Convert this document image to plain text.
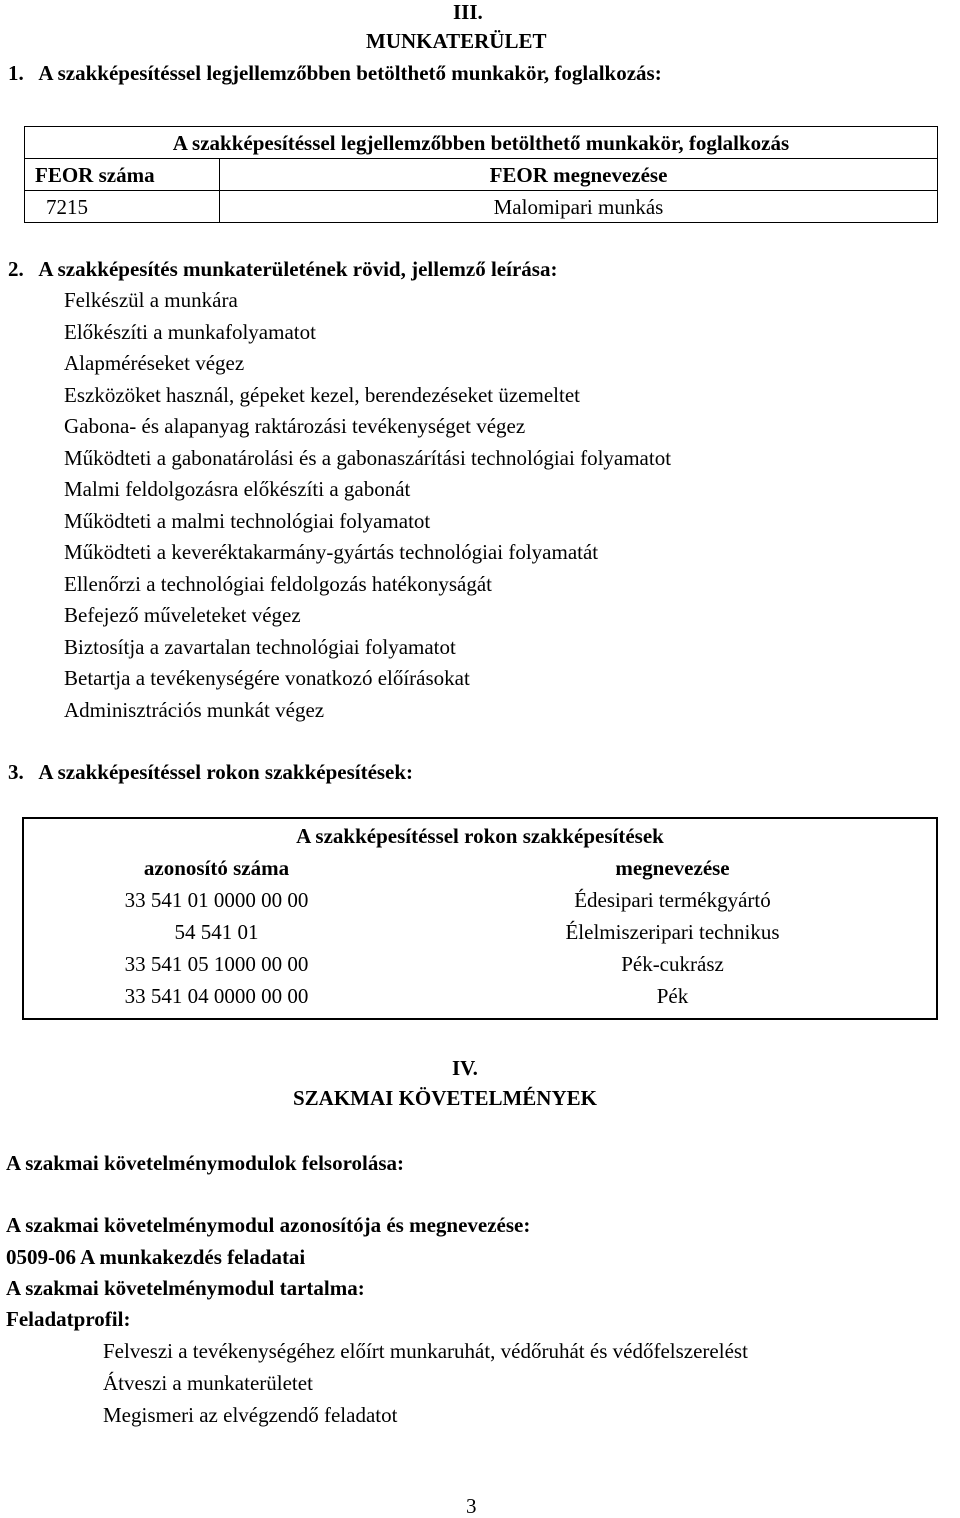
III.
MUNKATERÜLET
1.   A szakképesítéssel legjellemzőbben betölthető munkakör, foglalkozás:
A szakképesítéssel legjellemzőbben betölthető munkakör, foglalkozás	
FEOR száma	FEOR megnevezése
7215	Malomipari munkás
2.   A szakképesítés munkaterületének rövid, jellemző leírása:
Felkészül a munkára
Előkészíti a munkafolyamatot
Alapméréseket végez
Eszközöket használ, gépeket kezel, berendezéseket üzemeltet
Gabona- és alapanyag raktározási tevékenységet végez
Működteti a gabonatárolási és a gabonaszárítási technológiai folyamatot
Malmi feldolgozásra előkészíti a gabonát
Működteti a malmi technológiai folyamatot
Működteti a keveréktakarmány-gyártás technológiai folyamatát
Ellenőrzi a technológiai feldolgozás hatékonyságát
Befejező műveleteket végez
Biztosítja a zavartalan technológiai folyamatot
Betartja a tevékenységére vonatkozó előírásokat
Adminisztrációs munkát végez
3.   A szakképesítéssel rokon szakképesítések:
A szakképesítéssel rokon szakképesítések	
azonosító száma	megnevezése
33 541 01 0000 00 00	Édesipari termékgyártó
54 541 01	Élelmiszeripari technikus
33 541 05 1000 00 00	Pék-cukrász
33 541 04 0000 00 00	Pék
IV.
SZAKMAI KÖVETELMÉNYEK
A szakmai követelménymodulok felsorolása:
A szakmai követelménymodul azonosítója és megnevezése:
0509-06 A munkakezdés feladatai
A szakmai követelménymodul tartalma:
Feladatprofil:
Felveszi a tevékenységéhez előírt munkaruhát, védőruhát és védőfelszerelést
Átveszi a munkaterületet
Megismeri az elvégzendő feladatot
3
